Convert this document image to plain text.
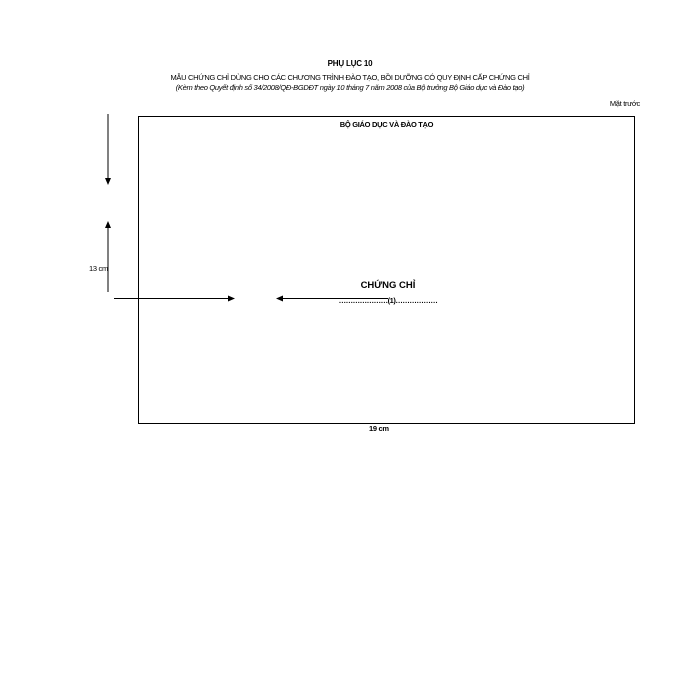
PHỤ LỤC 10
MẪU CHỨNG CHỈ DÙNG CHO CÁC CHƯƠNG TRÌNH ĐÀO TẠO, BỒI DƯỠNG CÓ QUY ĐỊNH CẤP CHỨNG CHỈ
(Kèm theo Quyết định số 34/2008/QĐ-BGDĐT ngày 10 tháng 7 năm 2008 của Bộ trưởng Bộ Giáo dục và Đào tạo)
Mặt trước
BỘ GIÁO DỤC VÀ ĐÀO TẠO
CHỨNG CHỈ
…………………(1)………………
13 cm
19 cm
